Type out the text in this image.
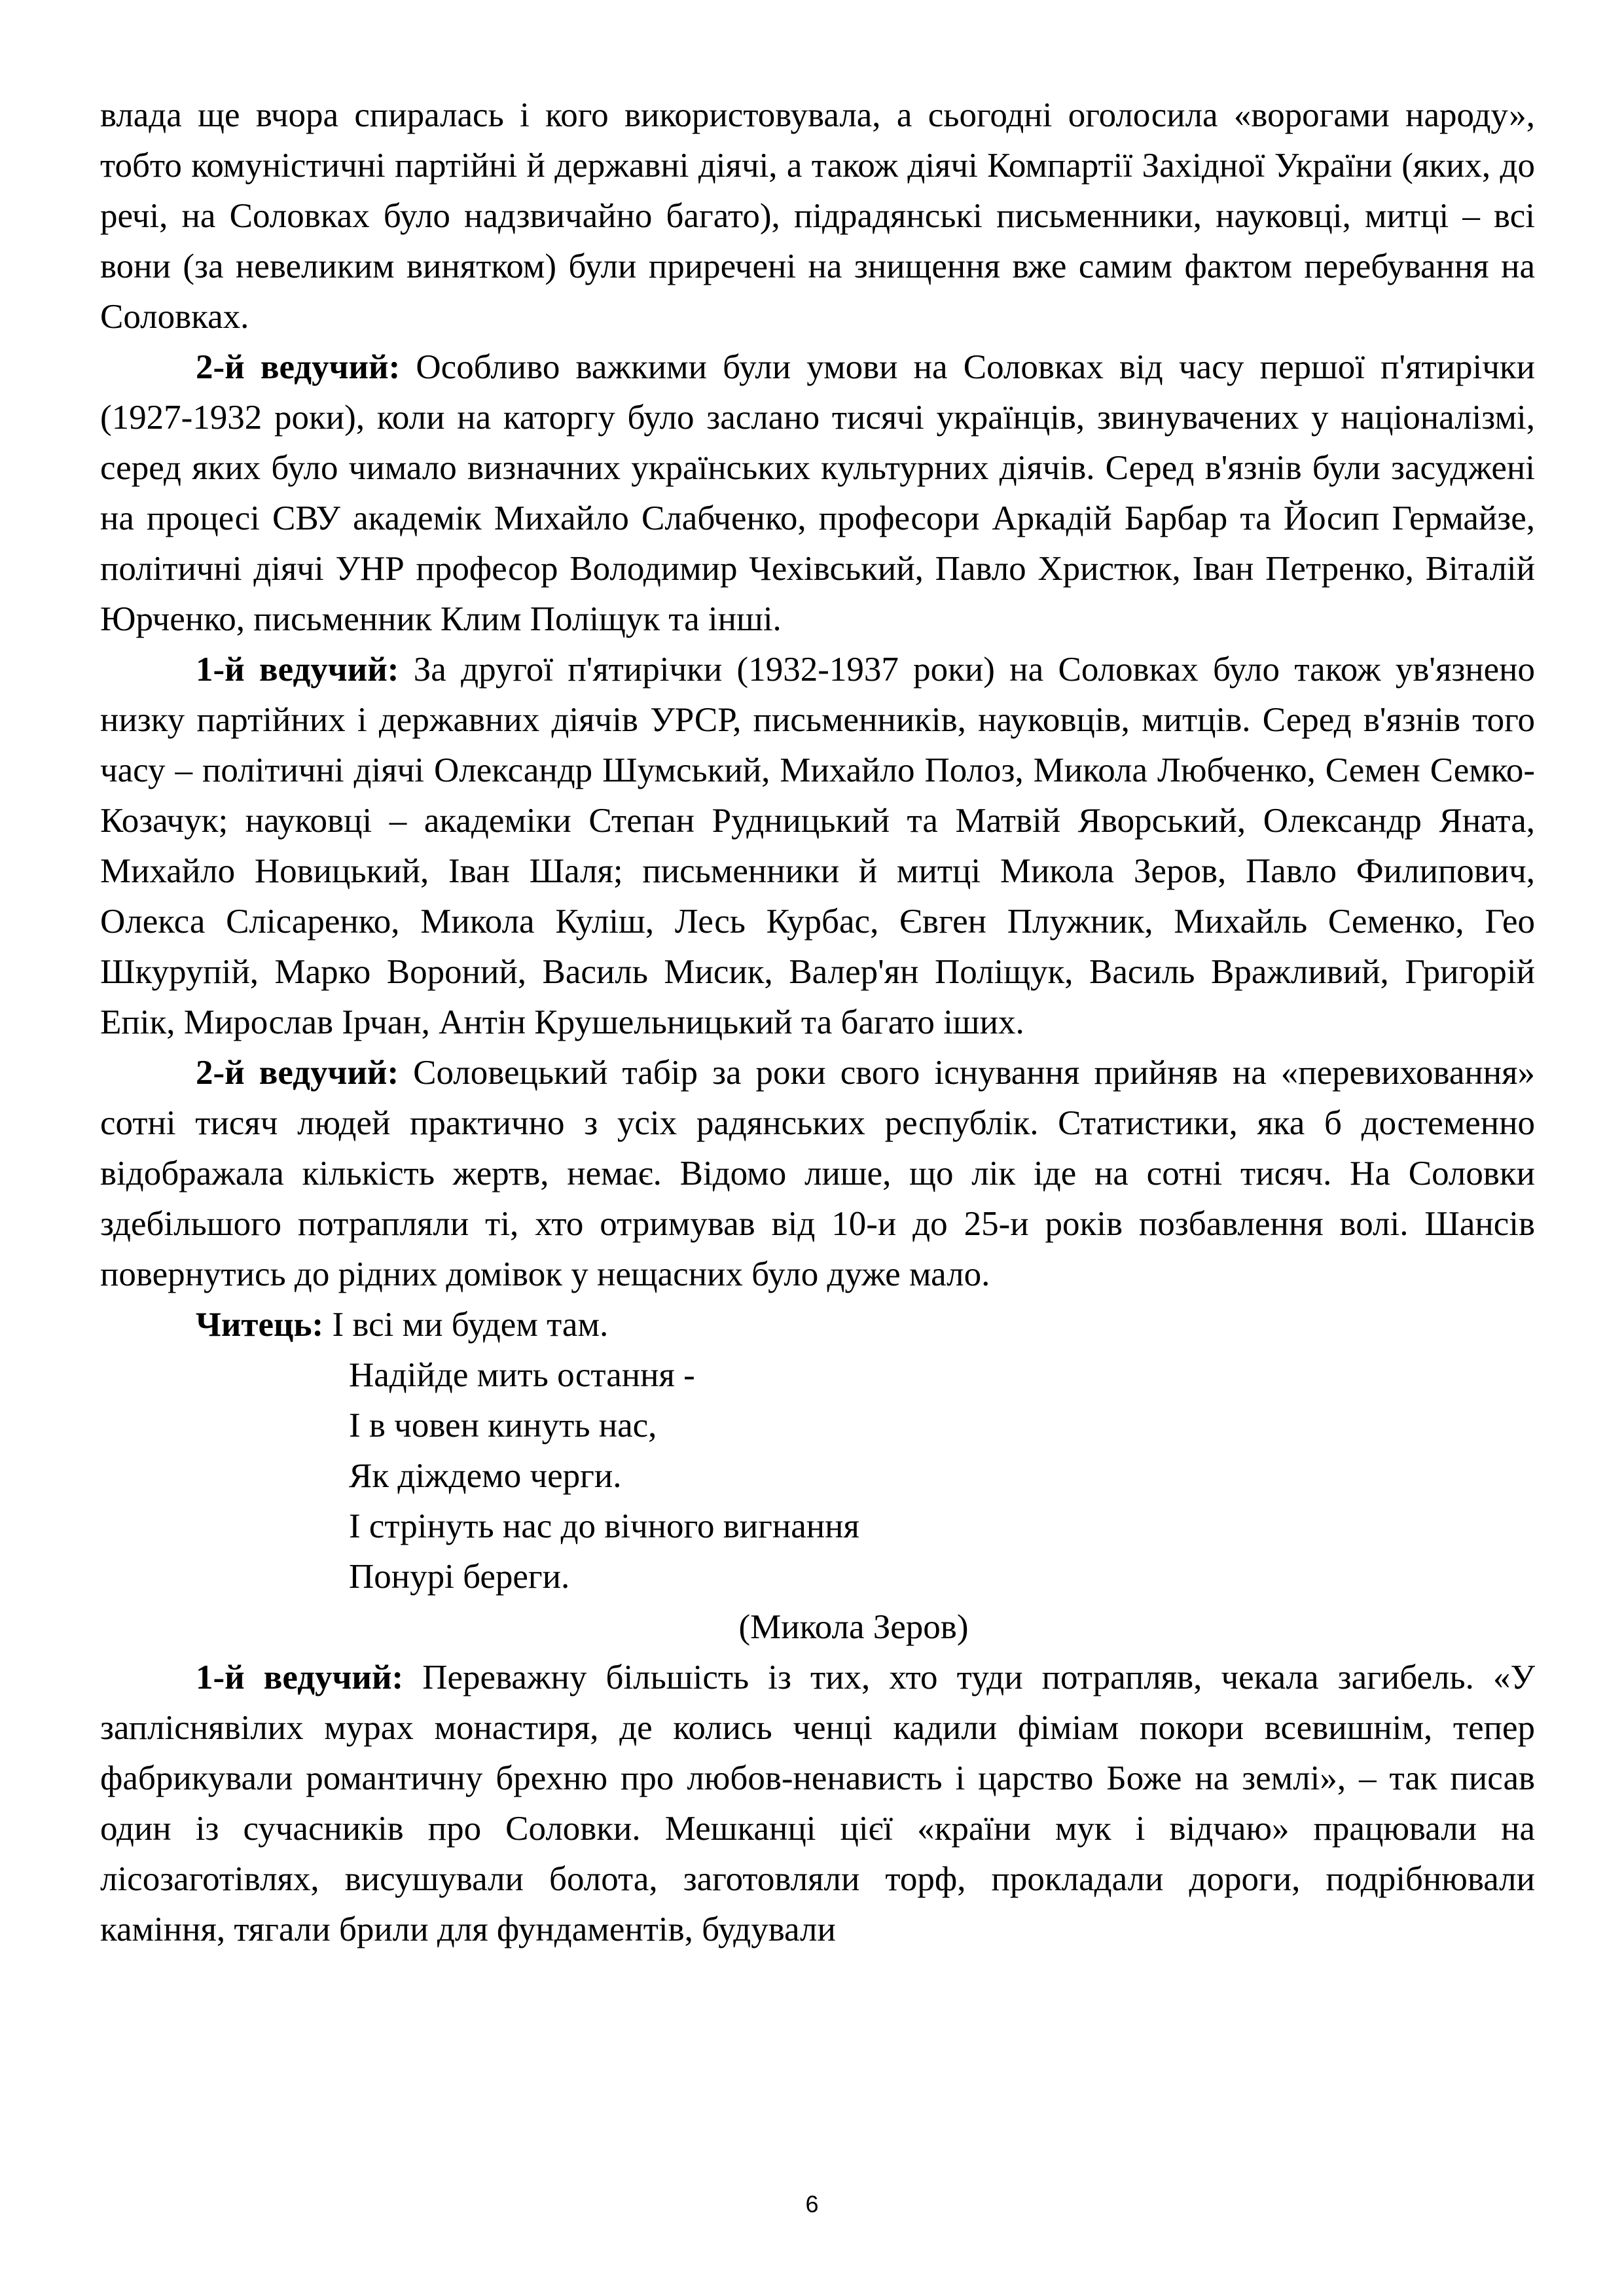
влада ще вчора спиралась і кого використовувала, а сьогодні оголосила «ворогами народу», тобто комуністичні партійні й державні діячі, а також діячі Компартії Західної України (яких, до речі, на Соловках було надзвичайно багато), підрадянські письменники, науковці, митці – всі вони (за невеликим винятком) були приречені на знищення вже самим фактом перебування на Соловках.

2-й ведучий: Особливо важкими були умови на Соловках від часу першої п'ятирічки (1927-1932 роки), коли на каторгу було заслано тисячі українців, звинувачених у націоналізмі, серед яких було чимало визначних українських культурних діячів. Серед в'язнів були засуджені на процесі СВУ академік Михайло Слабченко, професори Аркадій Барбар та Йосип Гермайзе, політичні діячі УНР професор Володимир Чехівський, Павло Христюк, Іван Петренко, Віталій Юрченко, письменник Клим Поліщук та інші.

1-й ведучий: За другої п'ятирічки (1932-1937 роки) на Соловках було також ув'язнено низку партійних і державних діячів УРСР, письменників, науковців, митців. Серед в'язнів того часу – політичні діячі Олександр Шумський, Михайло Полоз, Микола Любченко, Семен Семко-Козачук; науковці – академіки Степан Рудницький та Матвій Яворський, Олександр Яната, Михайло Новицький, Іван Шаля; письменники й митці Микола Зеров, Павло Филипович, Олекса Слісаренко, Микола Куліш, Лесь Курбас, Євген Плужник, Михайль Семенко, Гео Шкурупій, Марко Вороний, Василь Мисик, Валер'ян Поліщук, Василь Вражливий, Григорій Епік, Мирослав Ірчан, Антін Крушельницький та багато іших.

2-й ведучий: Соловецький табір за роки свого існування прийняв на «перевиховання» сотні тисяч людей практично з усіх радянських республік. Статистики, яка б достеменно відображала кількість жертв, немає. Відомо лише, що лік іде на сотні тисяч. На Соловки здебільшого потрапляли ті, хто отримував від 10-и до 25-и років позбавлення волі. Шансів повернутись до рідних домівок у нещасних було дуже мало.

Читець: І всі ми будем там.

Надійде мить остання -

І в човен кинуть нас,

Як діждемо черги.

І стрінуть нас до вічного вигнання

Понурі береги.

(Микола Зеров)

1-й ведучий: Переважну більшість із тих, хто туди потрапляв, чекала загибель. «У запліснявілих мурах монастиря, де колись ченці кадили фіміам покори всевишнім, тепер фабрикували романтичну брехню про любов-ненависть і царство Боже на землі», – так писав один із сучасників про Соловки. Мешканці цієї «країни мук і відчаю» працювали на лісозаготівлях, висушували болота, заготовляли торф, прокладали дороги, подрібнювали каміння, тягали брили для фундаментів, будували

6
